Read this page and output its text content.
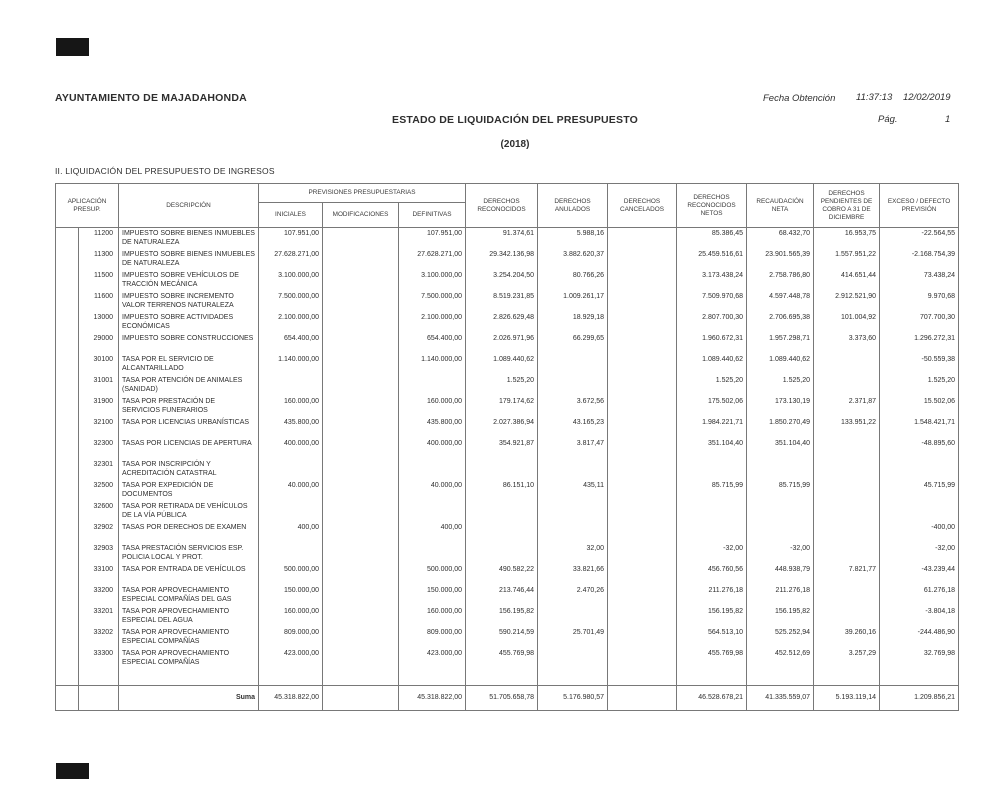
AYUNTAMIENTO DE MAJADAHONDA	Fecha Obtención 11:37:13 12/02/2019
ESTADO DE LIQUIDACIÓN DEL PRESUPUESTO	Pág.	1
(2018)
II. LIQUIDACIÓN DEL PRESUPUESTO DE INGRESOS
APLICACIÓN PRESUP.		DESCRIPCIÓN	PREVISIONES PRESUPUESTARIAS			DERECHOS RECONOCIDOS	DERECHOS ANULADOS	DERECHOS CANCELADOS	DERECHOS RECONOCIDOS NETOS	RECAUDACIÓN NETA	DERECHOS PENDIENTES DE COBRO A 31 DE DICIEMBRE	EXCESO / DEFECTO PREVISIÓN
			INICIALES	MODIFICACIONES	DEFINITIVAS							
	11200	IMPUESTO SOBRE BIENES INMUEBLES DE NATURALEZA	107.951,00		107.951,00	91.374,61	5.988,16		85.386,45	68.432,70	16.953,75	-22.564,55
	11300	IMPUESTO SOBRE BIENES INMUEBLES DE NATURALEZA	27.628.271,00		27.628.271,00	29.342.136,98	3.882.620,37		25.459.516,61	23.901.565,39	1.557.951,22	-2.168.754,39
	11500	IMPUESTO SOBRE VEHÍCULOS DE TRACCIÓN MECÁNICA	3.100.000,00		3.100.000,00	3.254.204,50	80.766,26		3.173.438,24	2.758.786,80	414.651,44	73.438,24
	11600	IMPUESTO SOBRE INCREMENTO VALOR TERRENOS NATURALEZA	7.500.000,00		7.500.000,00	8.519.231,85	1.009.261,17		7.509.970,68	4.597.448,78	2.912.521,90	9.970,68
	13000	IMPUESTO SOBRE ACTIVIDADES ECONÓMICAS	2.100.000,00		2.100.000,00	2.826.629,48	18.929,18		2.807.700,30	2.706.695,38	101.004,92	707.700,30
	29000	IMPUESTO SOBRE CONSTRUCCIONES	654.400,00		654.400,00	2.026.971,96	66.299,65		1.960.672,31	1.957.298,71	3.373,60	1.296.272,31
	30100	TASA POR EL SERVICIO DE ALCANTARILLADO	1.140.000,00		1.140.000,00	1.089.440,62			1.089.440,62	1.089.440,62		-50.559,38
	31001	TASA POR ATENCIÓN DE ANIMALES (SANIDAD)				1.525,20			1.525,20	1.525,20		1.525,20
	31900	TASA POR PRESTACIÓN DE SERVICIOS FUNERARIOS	160.000,00		160.000,00	179.174,62	3.672,56		175.502,06	173.130,19	2.371,87	15.502,06
	32100	TASA POR LICENCIAS URBANÍSTICAS	435.800,00		435.800,00	2.027.386,94	43.165,23		1.984.221,71	1.850.270,49	133.951,22	1.548.421,71
	32300	TASAS POR LICENCIAS DE APERTURA	400.000,00		400.000,00	354.921,87	3.817,47		351.104,40	351.104,40		-48.895,60
	32301	TASA POR INSCRIPCIÓN Y ACREDITACIÓN CATASTRAL										
	32500	TASA POR EXPEDICIÓN DE DOCUMENTOS	40.000,00		40.000,00	86.151,10	435,11		85.715,99	85.715,99		45.715,99
	32600	TASA POR RETIRADA DE VEHÍCULOS DE LA VÍA PÚBLICA										
	32902	TASAS POR DERECHOS DE EXAMEN	400,00		400,00							-400,00
	32903	TASA PRESTACIÓN SERVICIOS ESP. POLICIA LOCAL Y PROT.					32,00		-32,00	-32,00		-32,00
	33100	TASA POR ENTRADA DE VEHÍCULOS	500.000,00		500.000,00	490.582,22	33.821,66		456.760,56	448.938,79	7.821,77	-43.239,44
	33200	TASA POR APROVECHAMIENTO ESPECIAL COMPAÑÍAS DEL GAS	150.000,00		150.000,00	213.746,44	2.470,26		211.276,18	211.276,18		61.276,18
	33201	TASA POR APROVECHAMIENTO ESPECIAL DEL AGUA	160.000,00		160.000,00	156.195,82			156.195,82	156.195,82		-3.804,18
	33202	TASA POR APROVECHAMIENTO ESPECIAL COMPAÑÍAS	809.000,00		809.000,00	590.214,59	25.701,49		564.513,10	525.252,94	39.260,16	-244.486,90
	33300	TASA POR APROVECHAMIENTO ESPECIAL COMPAÑÍAS	423.000,00		423.000,00	455.769,98			455.769,98	452.512,69	3.257,29	32.769,98

		Suma	45.318.822,00		45.318.822,00	51.705.658,78	5.176.980,57		46.528.678,21	41.335.559,07	5.193.119,14	1.209.856,21
